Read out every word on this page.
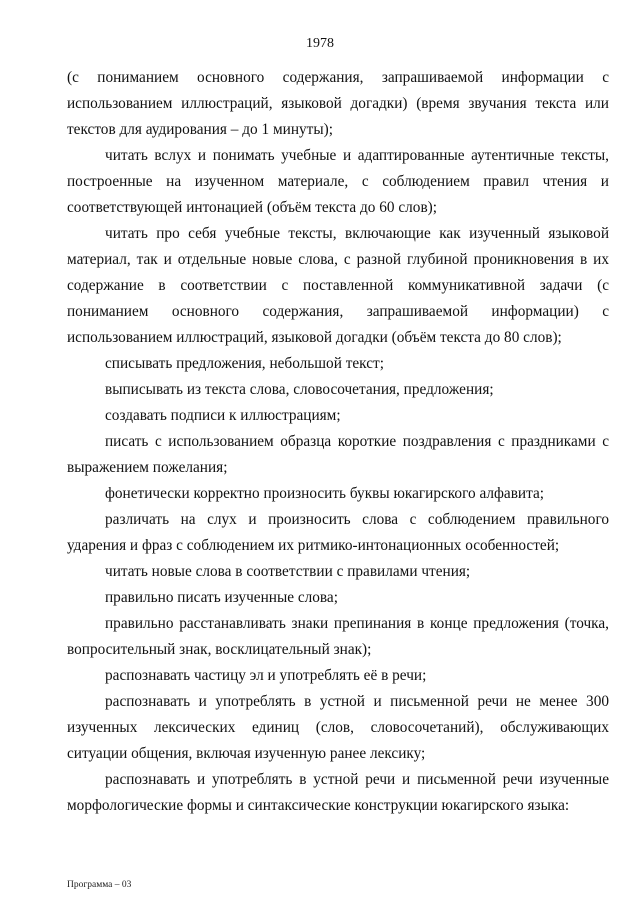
1978

(с пониманием основного содержания, запрашиваемой информации с использованием иллюстраций, языковой догадки) (время звучания текста или текстов для аудирования – до 1 минуты);

читать вслух и понимать учебные и адаптированные аутентичные тексты, построенные на изученном материале, с соблюдением правил чтения и соответствующей интонацией (объём текста до 60 слов);

читать про себя учебные тексты, включающие как изученный языковой материал, так и отдельные новые слова, с разной глубиной проникновения в их содержание в соответствии с поставленной коммуникативной задачи (с пониманием основного содержания, запрашиваемой информации) с использованием иллюстраций, языковой догадки (объём текста до 80 слов);

списывать предложения, небольшой текст;

выписывать из текста слова, словосочетания, предложения;

создавать подписи к иллюстрациям;

писать с использованием образца короткие поздравления с праздниками с выражением пожелания;

фонетически корректно произносить буквы юкагирского алфавита;

различать на слух и произносить слова с соблюдением правильного ударения и фраз с соблюдением их ритмико-интонационных особенностей;

читать новые слова в соответствии с правилами чтения;

правильно писать изученные слова;

правильно расстанавливать знаки препинания в конце предложения (точка, вопросительный знак, восклицательный знак);

распознавать частицу эл и употреблять её в речи;

распознавать и употреблять в устной и письменной речи не менее 300 изученных лексических единиц (слов, словосочетаний), обслуживающих ситуации общения, включая изученную ранее лексику;

распознавать и употреблять в устной речи и письменной речи изученные морфологические формы и синтаксические конструкции юкагирского языка:

Программа – 03
